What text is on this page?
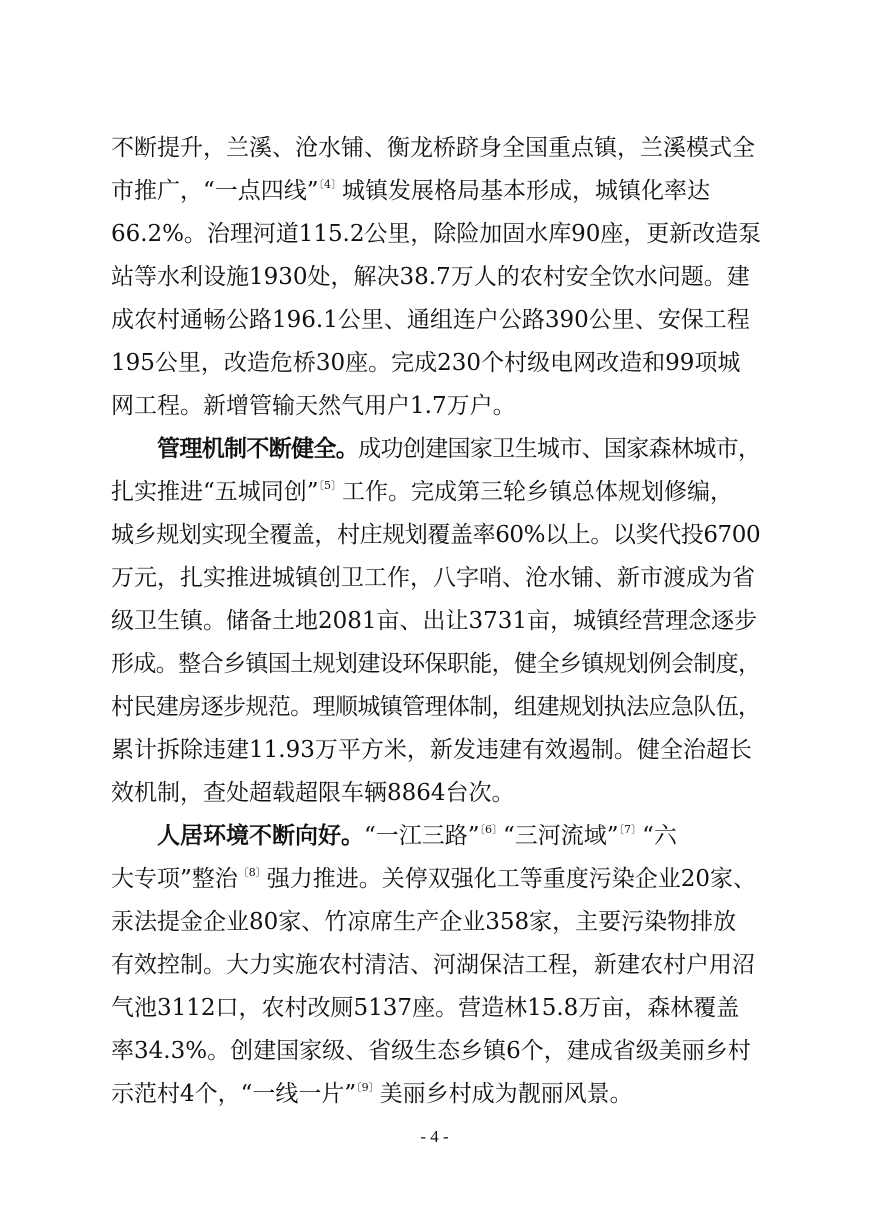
不断提升，兰溪、沧水铺、衡龙桥跻身全国重点镇，兰溪模式全
市推广，“一点四线”$^{〔4〕}$城镇发展格局基本形成，城镇化率达
66.2%。治理河道115.2公里，除险加固水库90座，更新改造泵
站等水利设施1930处，解决38.7万人的农村安全饮水问题。建
成农村通畅公路196.1公里、通组连户公路390公里、安保工程
195公里，改造危桥30座。完成230个村级电网改造和99项城
网工程。新增管输天然气用户1.7万户。
管理机制不断健全。成功创建国家卫生城市、国家森林城市，
扎实推进“五城同创”$^{〔5〕}$工作。完成第三轮乡镇总体规划修编，
城乡规划实现全覆盖，村庄规划覆盖率60%以上。以奖代投6700
万元，扎实推进城镇创卫工作，八字哨、沧水铺、新市渡成为省
级卫生镇。储备土地2081亩、出让3731亩，城镇经营理念逐步
形成。整合乡镇国土规划建设环保职能，健全乡镇规划例会制度，
村民建房逐步规范。理顺城镇管理体制，组建规划执法应急队伍，
累计拆除违建11.93万平方米，新发违建有效遏制。健全治超长
效机制，查处超载超限车辆8864台次。
人居环境不断向好。“一江三路”$^{〔6〕}$“三河流域”$^{〔7〕}$“六
大专项”整治$^{〔8〕}$强力推进。关停双强化工等重度污染企业20家、
汞法提金企业80家、竹凉席生产企业358家，主要污染物排放
有效控制。大力实施农村清洁、河湖保洁工程，新建农村户用沼
气池3112口，农村改厕5137座。营造林15.8万亩，森林覆盖
率34.3%。创建国家级、省级生态乡镇6个，建成省级美丽乡村
示范村4个，“一线一片”$^{〔9〕}$美丽乡村成为靓丽风景。
- 4 -
